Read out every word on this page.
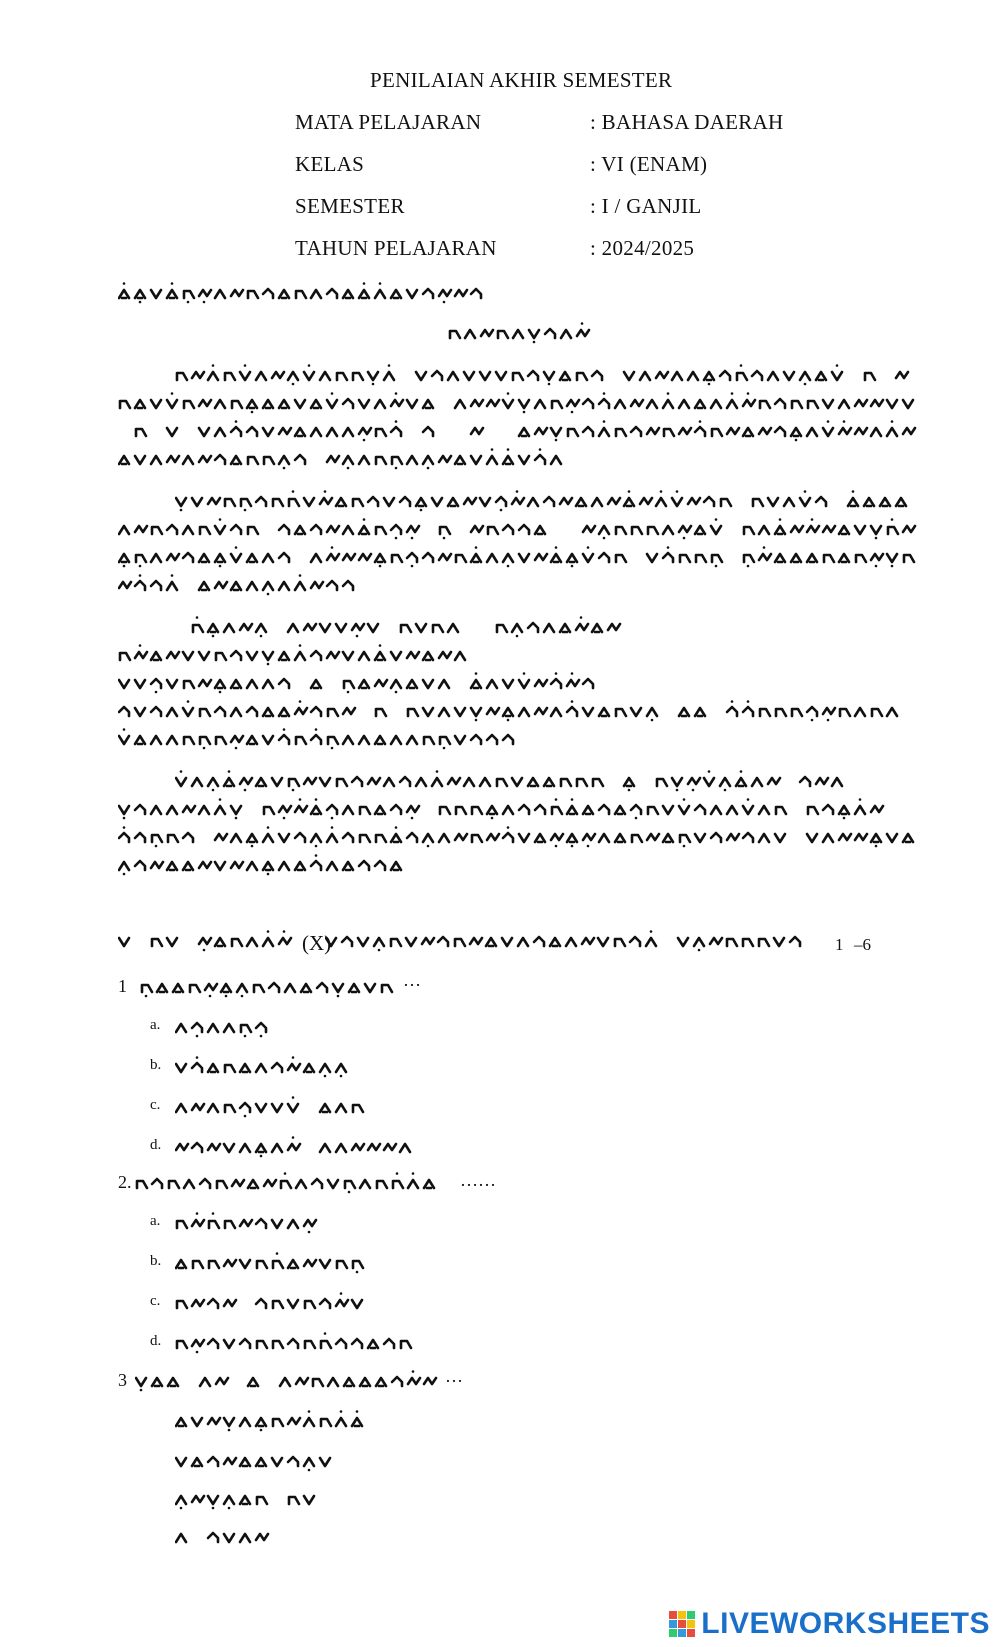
PENILAIAN AKHIR SEMESTER
MATA PELAJARAN	: BAHASA DAERAH
KELAS	: VI (ENAM)
SEMESTER	: I / GANJIL
TAHUN PELAJARAN	: 2024/2025
(X)	1 –6
1	…
2.	……
3	…
LIVEWORKSHEETS
a.
b.
c.
d.
a.
b.
c.
d.
